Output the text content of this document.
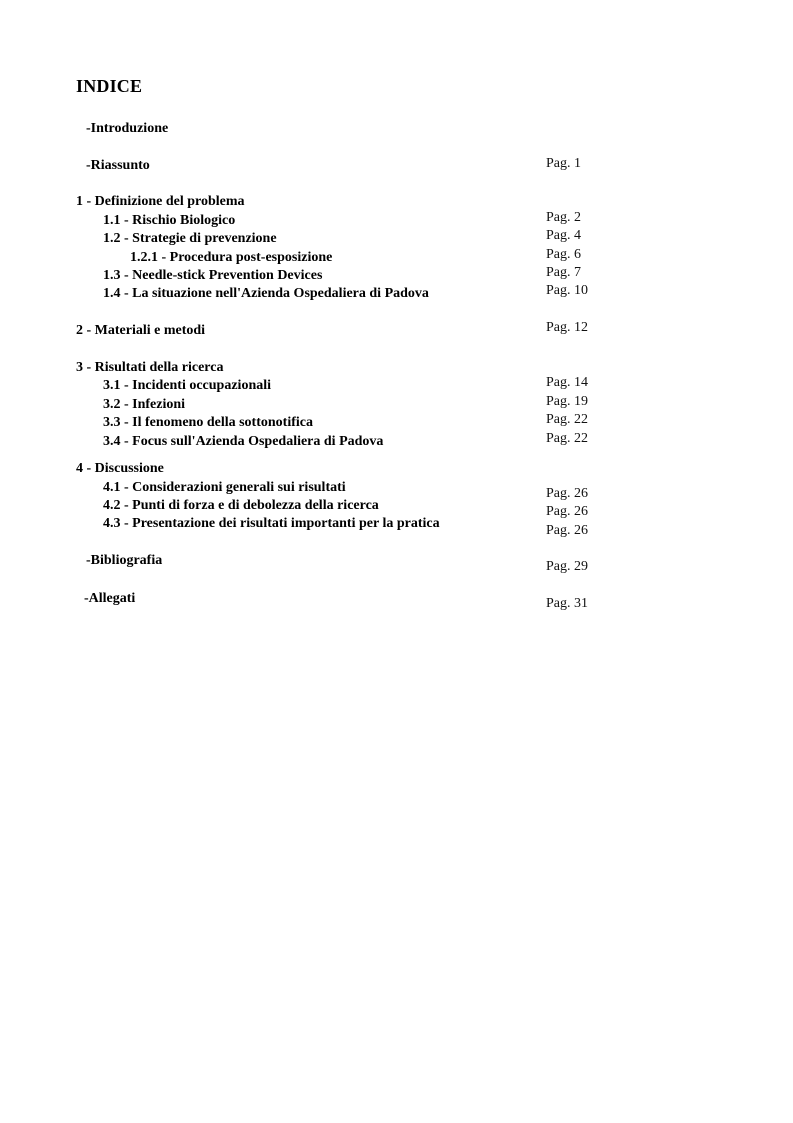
INDICE
-Introduzione
-Riassunto	Pag. 1
1 - Definizione del problema
1.1 - Rischio Biologico	Pag. 2
1.2 - Strategie di prevenzione	Pag. 4
1.2.1 - Procedura post-esposizione	Pag. 6
1.3 - Needle-stick Prevention Devices	Pag. 7
1.4 - La situazione nell'Azienda Ospedaliera di Padova	Pag. 10
2 - Materiali e metodi	Pag. 12
3 - Risultati della ricerca
3.1 - Incidenti occupazionali	Pag. 14
3.2 - Infezioni	Pag. 19
3.3 - Il fenomeno della sottonotifica	Pag. 22
3.4 - Focus sull'Azienda Ospedaliera di Padova	Pag. 22
4 - Discussione
4.1 - Considerazioni generali sui risultati	Pag. 26
4.2 - Punti di forza e di debolezza della ricerca	Pag. 26
4.3 - Presentazione dei risultati importanti per la pratica	Pag. 26
-Bibliografia	Pag. 29
-Allegati	Pag. 31
